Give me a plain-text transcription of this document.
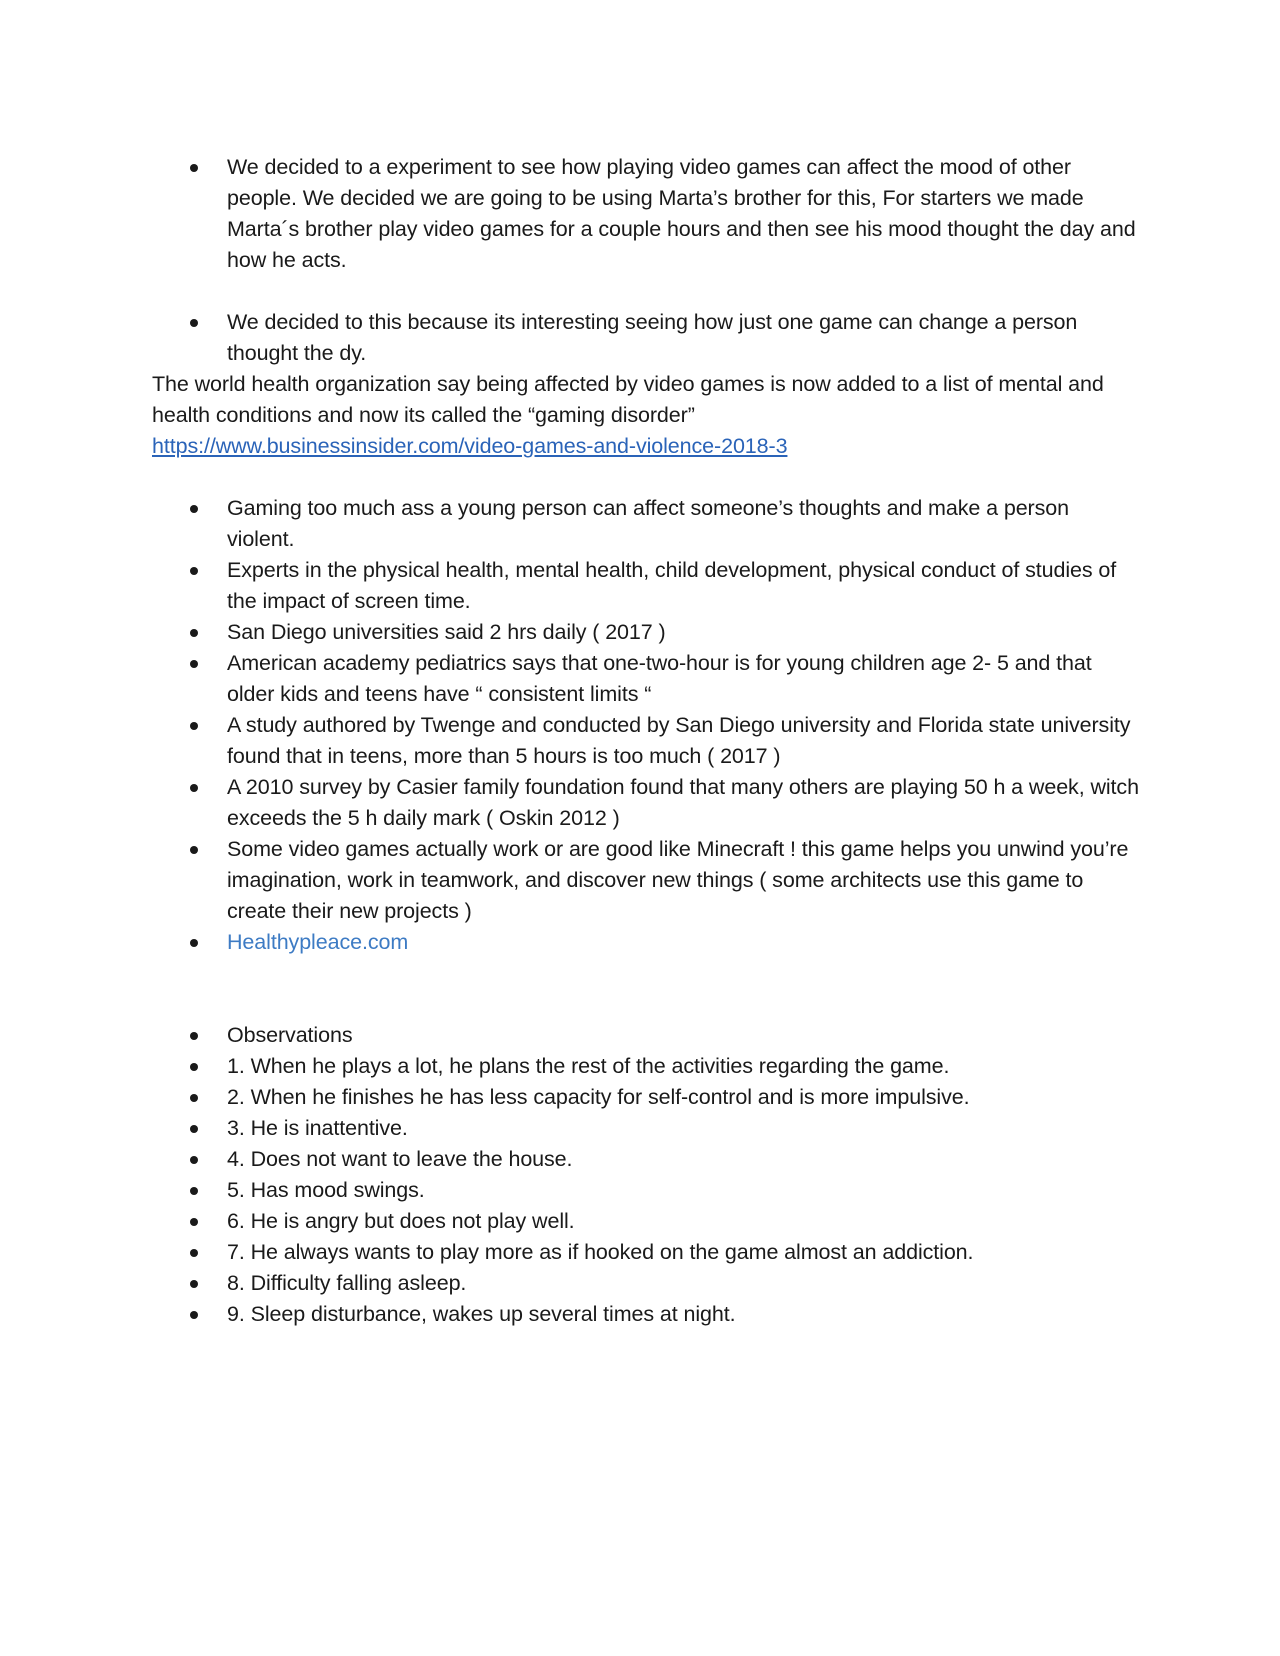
We decided to a experiment to see how playing video games can affect the mood of other people. We decided we are going to be using Marta’s brother for this, For starters we made Marta´s brother play video games for a couple hours and then see his mood thought the day and how he acts.
We decided to this because its interesting seeing how just one game can change a person thought the dy.

The world health organization say being affected by video games is now added to a list of mental and health conditions and now its called the “gaming disorder”

https://www.businessinsider.com/video-games-and-violence-2018-3

Gaming too much ass a young person can affect someone’s thoughts and make a person violent.
Experts in the physical health, mental health, child development, physical conduct of studies of the impact of screen time.
San Diego universities said 2 hrs daily ( 2017 )
American academy pediatrics says that one-two-hour is for young children age 2- 5 and that older kids and teens have “ consistent limits “
A study authored by Twenge and conducted by San Diego university and Florida state university found that in teens, more than 5 hours is too much ( 2017 )
A 2010 survey by Casier family foundation found that many others are playing 50 h a week, witch exceeds the 5 h daily mark ( Oskin 2012 )
Some video games actually work or are good like Minecraft ! this game helps you unwind you’re imagination, work in teamwork, and discover new things ( some architects use this game to create their new projects )
Healthypleace.com
Observations
1. When he plays a lot, he plans the rest of the activities regarding the game.
2. When he finishes he has less capacity for self-control and is more impulsive.
3. He is inattentive.
4. Does not want to leave the house.
5. Has mood swings.
6. He is angry but does not play well.
7. He always wants to play more as if hooked on the game almost an addiction.
8. Difficulty falling asleep.
9. Sleep disturbance, wakes up several times at night.
